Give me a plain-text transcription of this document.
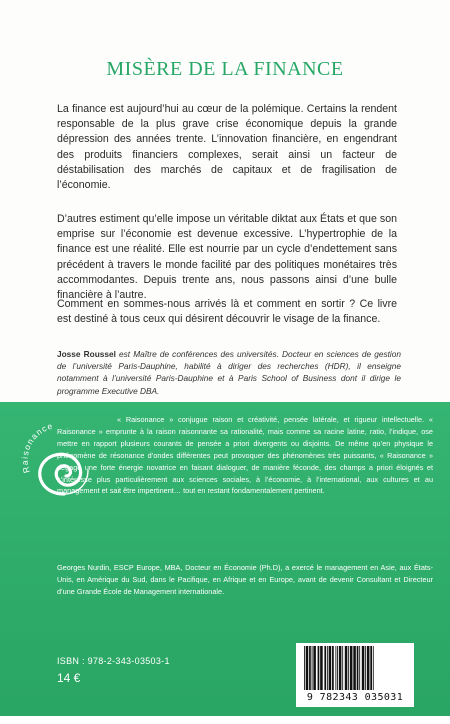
MISÈRE DE LA FINANCE

La finance est aujourd’hui au cœur de la polémique. Certains la rendent responsable de la plus grave crise économique depuis la grande dépression des années trente. L’innovation financière, en engendrant des produits financiers complexes, serait ainsi un facteur de déstabilisation des marchés de capitaux et de fragilisation de l’économie.

D’autres estiment qu’elle impose un véritable diktat aux États et que son emprise sur l’économie est devenue excessive. L’hypertrophie de la finance est une réalité. Elle est nourrie par un cycle d’endettement sans précédent à travers le monde facilité par des politiques monétaires très accommodantes. Depuis trente ans, nous passons ainsi d’une bulle financière à l’autre.

Comment en sommes-nous arrivés là et comment en sortir ? Ce livre est destiné à tous ceux qui désirent découvrir le visage de la finance.

Josse Roussel est Maître de conférences des universités. Docteur en sciences de gestion de l’université Paris-Dauphine, habilité à diriger des recherches (HDR), il enseigne notamment à l’université Paris-Dauphine et à Paris School of Business dont il dirige le programme Executive DBA.

Raisonance

« Raisonance » conjugue raison et créativité, pensée latérale, et rigueur intellectuelle. « Raisonance » emprunte à la raison raisonnante sa rationalité, mais comme sa racine latine, ratio, l’indique, ose mettre en rapport plusieurs courants de pensée a priori divergents ou disjoints. De même qu’en physique le phénomène de résonance d’ondes différentes peut provoquer des phénomènes très puissants, « Raisonance » dégage une forte énergie novatrice en faisant dialoguer, de manière féconde, des champs a priori éloignés et s’intéresse plus particulièrement aux sciences sociales, à l’économie, à l’international, aux cultures et au management et sait être impertinent… tout en restant fondamentalement pertinent.

Georges Nurdin, ESCP Europe, MBA, Docteur en Économie (Ph.D), a exercé le management en Asie, aux États-Unis, en Amérique du Sud, dans le Pacifique, en Afrique et en Europe, avant de devenir Consultant et Directeur d’une Grande École de Management internationale.

ISBN : 978-2-343-03503-1
14 €
9 782343 035031
